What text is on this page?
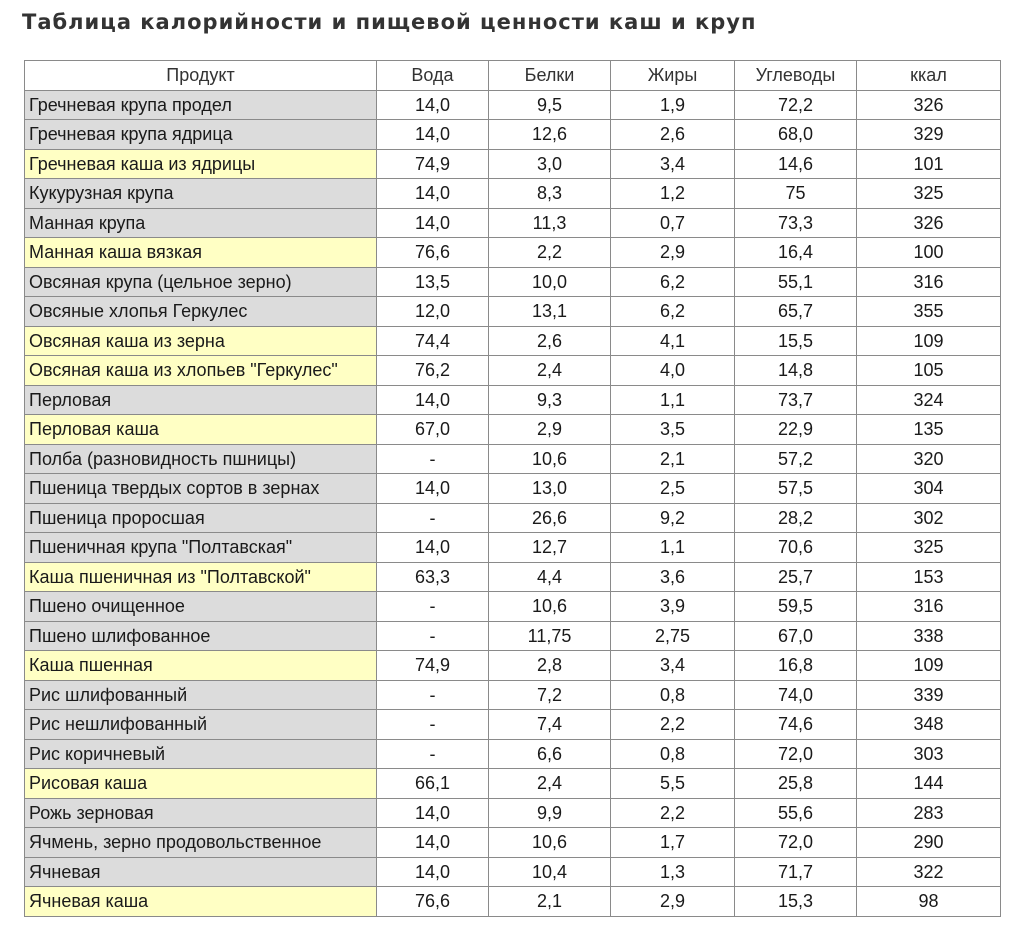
Таблица калорийности и пищевой ценности каш и круп
Продукт	Вода	Белки	Жиры	Углеводы	ккал
Гречневая крупа продел	14,0	9,5	1,9	72,2	326
Гречневая крупа ядрица	14,0	12,6	2,6	68,0	329
Гречневая каша из ядрицы	74,9	3,0	3,4	14,6	101
Кукурузная крупа	14,0	8,3	1,2	75	325
Манная крупа	14,0	11,3	0,7	73,3	326
Манная каша вязкая	76,6	2,2	2,9	16,4	100
Овсяная крупа (цельное зерно)	13,5	10,0	6,2	55,1	316
Овсяные хлопья Геркулес	12,0	13,1	6,2	65,7	355
Овсяная каша из зерна	74,4	2,6	4,1	15,5	109
Овсяная каша из хлопьев "Геркулес"	76,2	2,4	4,0	14,8	105
Перловая	14,0	9,3	1,1	73,7	324
Перловая каша	67,0	2,9	3,5	22,9	135
Полба (разновидность пшницы)	-	10,6	2,1	57,2	320
Пшеница твердых сортов в зернах	14,0	13,0	2,5	57,5	304
Пшеница проросшая	-	26,6	9,2	28,2	302
Пшеничная крупа "Полтавская"	14,0	12,7	1,1	70,6	325
Каша пшеничная из "Полтавской"	63,3	4,4	3,6	25,7	153
Пшено очищенное	-	10,6	3,9	59,5	316
Пшено шлифованное	-	11,75	2,75	67,0	338
Каша пшенная	74,9	2,8	3,4	16,8	109
Рис шлифованный	-	7,2	0,8	74,0	339
Рис нешлифованный	-	7,4	2,2	74,6	348
Рис коричневый	-	6,6	0,8	72,0	303
Рисовая каша	66,1	2,4	5,5	25,8	144
Рожь зерновая	14,0	9,9	2,2	55,6	283
Ячмень, зерно продовольственное	14,0	10,6	1,7	72,0	290
Ячневая	14,0	10,4	1,3	71,7	322
Ячневая каша	76,6	2,1	2,9	15,3	98
